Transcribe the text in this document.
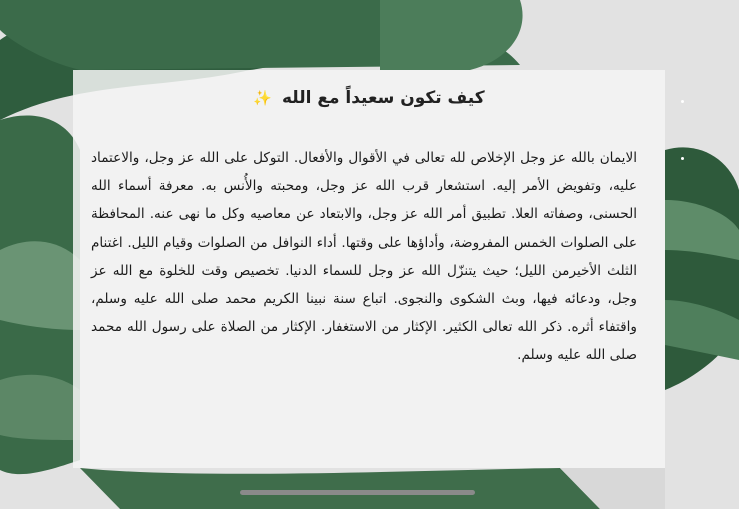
كيف تكون سعيداً مع الله ✨
الايمان بالله عز وجل الإخلاص لله تعالى في الأقوال والأفعال. التوكل على الله عز وجل، والاعتماد عليه، وتفويض الأمر إليه. استشعار قرب الله عز وجل، ومحبته والأُنس به. معرفة أسماء الله الحسنى، وصفاته العلا. تطبيق أمر الله عز وجل، والابتعاد عن معاصيه وكل ما نهى عنه. المحافظة على الصلوات الخمس المفروضة، وأداؤها على وقتها. أداء النوافل من الصلوات وقيام الليل. اغتنام الثلث الأخيرمن الليل؛ حيث يتنزّل الله عز وجل للسماء الدنيا. تخصيص وقت للخلوة مع الله عز وجل، ودعائه فيها، وبث الشكوى والنجوى. اتباع سنة نبينا الكريم محمد صلى الله عليه وسلم، واقتفاء أثره. ذكر الله تعالى الكثير. الإكثار من الاستغفار. الإكثار من الصلاة على رسول الله محمد صلى الله عليه وسلم.
